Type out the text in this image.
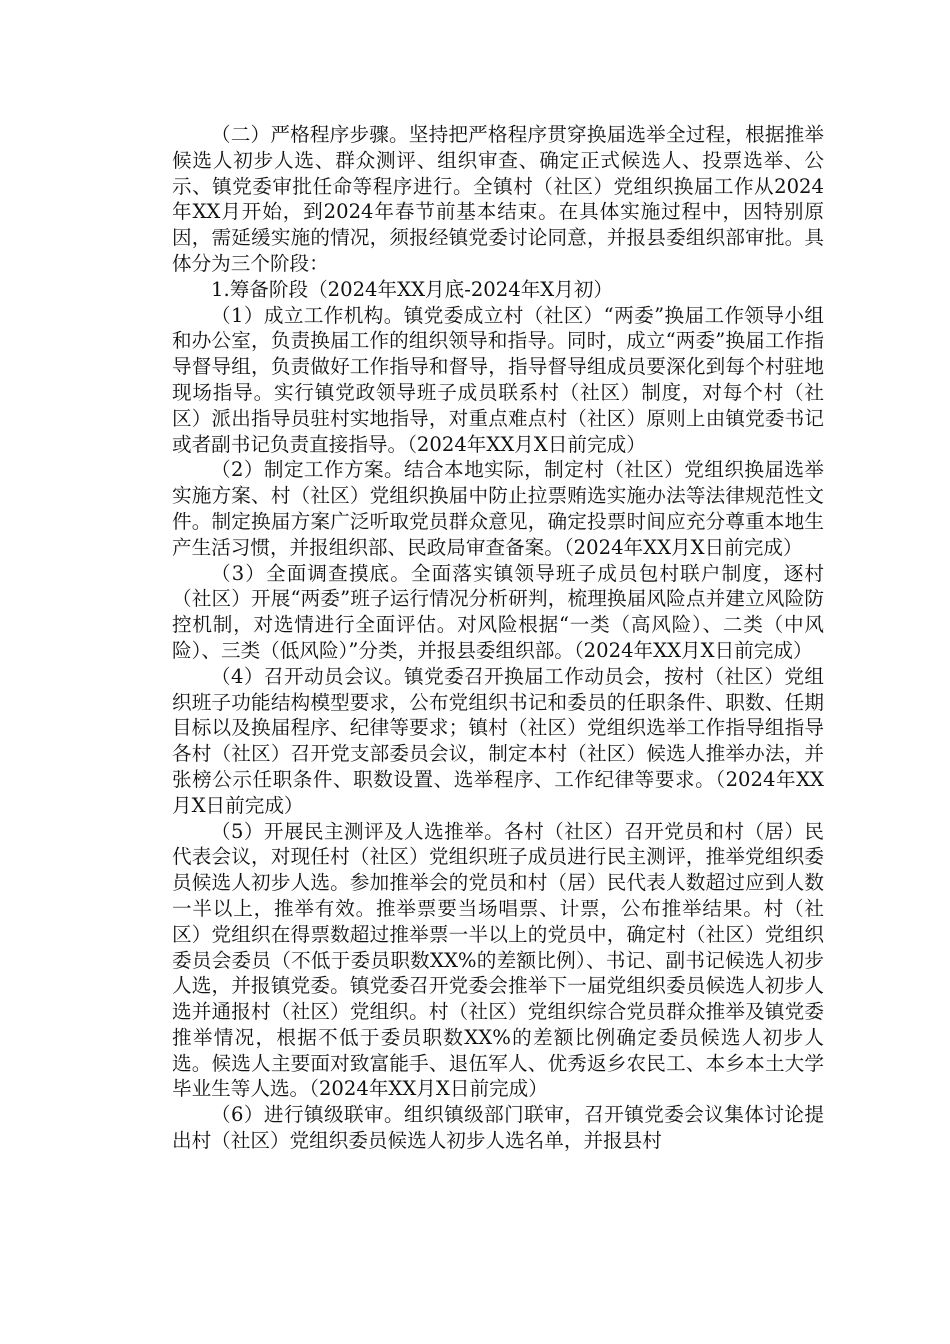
（二）严格程序步骤。坚持把严格程序贯穿换届选举全过程，根据推举候选人初步人选、群众测评、组织审查、确定正式候选人、投票选举、公示、镇党委审批任命等程序进行。全镇村（社区）党组织换届工作从2024年XX月开始，到2024年春节前基本结束。在具体实施过程中，因特别原因，需延缓实施的情况，须报经镇党委讨论同意，并报县委组织部审批。具体分为三个阶段：

1.筹备阶段（2024年XX月底-2024年X月初）

（1）成立工作机构。镇党委成立村（社区）“两委”换届工作领导小组和办公室，负责换届工作的组织领导和指导。同时，成立“两委”换届工作指导督导组，负责做好工作指导和督导，指导督导组成员要深化到每个村驻地现场指导。实行镇党政领导班子成员联系村（社区）制度，对每个村（社区）派出指导员驻村实地指导，对重点难点村（社区）原则上由镇党委书记或者副书记负责直接指导。（2024年XX月X日前完成）

（2）制定工作方案。结合本地实际，制定村（社区）党组织换届选举实施方案、村（社区）党组织换届中防止拉票贿选实施办法等法律规范性文件。制定换届方案广泛听取党员群众意见，确定投票时间应充分尊重本地生产生活习惯，并报组织部、民政局审查备案。（2024年XX月X日前完成）

（3）全面调查摸底。全面落实镇领导班子成员包村联户制度，逐村（社区）开展“两委”班子运行情况分析研判，梳理换届风险点并建立风险防控机制，对选情进行全面评估。对风险根据“一类（高风险）、二类（中风险）、三类（低风险）”分类，并报县委组织部。（2024年XX月X日前完成）

（4）召开动员会议。镇党委召开换届工作动员会，按村（社区）党组织班子功能结构模型要求，公布党组织书记和委员的任职条件、职数、任期目标以及换届程序、纪律等要求；镇村（社区）党组织选举工作指导组指导各村（社区）召开党支部委员会议，制定本村（社区）候选人推举办法，并张榜公示任职条件、职数设置、选举程序、工作纪律等要求。（2024年XX月X日前完成）

（5）开展民主测评及人选推举。各村（社区）召开党员和村（居）民代表会议，对现任村（社区）党组织班子成员进行民主测评，推举党组织委员候选人初步人选。参加推举会的党员和村（居）民代表人数超过应到人数一半以上，推举有效。推举票要当场唱票、计票，公布推举结果。村（社区）党组织在得票数超过推举票一半以上的党员中，确定村（社区）党组织委员会委员（不低于委员职数XX%的差额比例）、书记、副书记候选人初步人选，并报镇党委。镇党委召开党委会推举下一届党组织委员候选人初步人选并通报村（社区）党组织。村（社区）党组织综合党员群众推举及镇党委推举情况，根据不低于委员职数XX%的差额比例确定委员候选人初步人选。候选人主要面对致富能手、退伍军人、优秀返乡农民工、本乡本土大学毕业生等人选。（2024年XX月X日前完成）

（6）进行镇级联审。组织镇级部门联审，召开镇党委会议集体讨论提出村（社区）党组织委员候选人初步人选名单，并报县村
